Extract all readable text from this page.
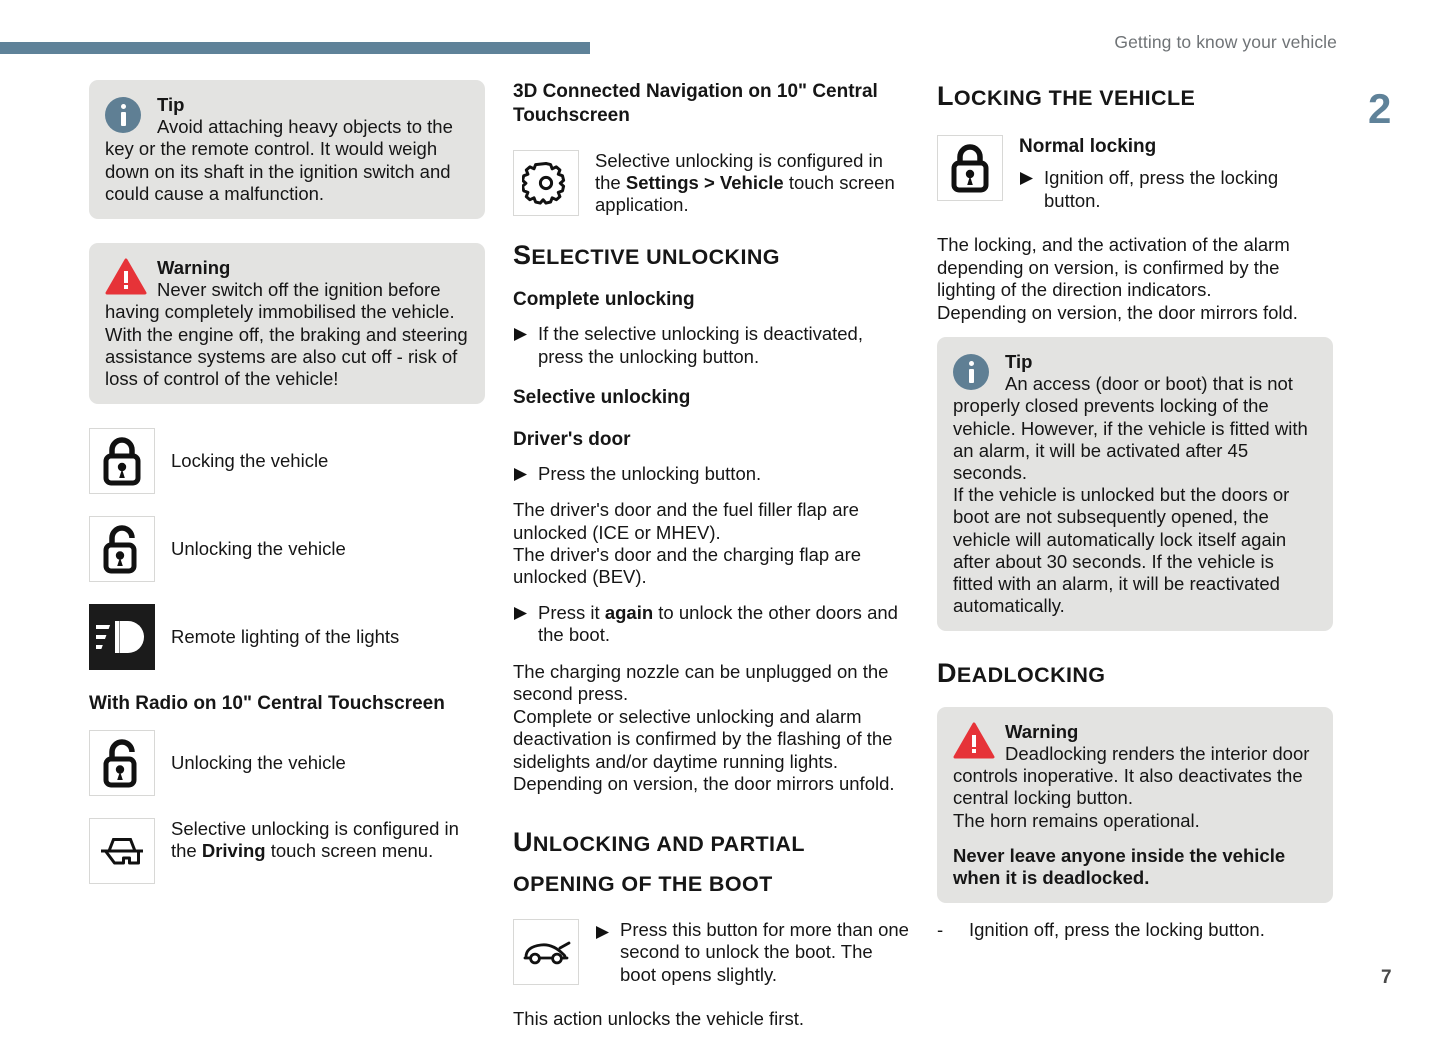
Getting to know your vehicle
2
7
Tip
Avoid attaching heavy objects to the key or the remote control. It would weigh down on its shaft in the ignition switch and could cause a malfunction.
Warning
Never switch off the ignition before having completely immobilised the vehicle. With the engine off, the braking and steering assistance systems are also cut off - risk of loss of control of the vehicle!
Locking the vehicle
Unlocking the vehicle
Remote lighting of the lights
With Radio on 10" Central Touchscreen
Unlocking the vehicle
Selective unlocking is configured in the Driving touch screen menu.
3D Connected Navigation on 10" Central Touchscreen
Selective unlocking is configured in the Settings > Vehicle touch screen application.
SELECTIVE UNLOCKING
Complete unlocking
If the selective unlocking is deactivated, press the unlocking button.
Selective unlocking
Driver's door
Press the unlocking button.

The driver's door and the fuel filler flap are unlocked (ICE or MHEV).

The driver's door and the charging flap are unlocked (BEV).

Press it again to unlock the other doors and the boot.

The charging nozzle can be unplugged on the second press.

Complete or selective unlocking and alarm deactivation is confirmed by the flashing of the sidelights and/or daytime running lights.

Depending on version, the door mirrors unfold.

UNLOCKING AND PARTIAL
OPENING OF THE BOOT
Press this button for more than one second to unlock the boot. The boot opens slightly.

This action unlocks the vehicle first.

LOCKING THE VEHICLE
Normal locking
Ignition off, press the locking button.

The locking, and the activation of the alarm depending on version, is confirmed by the lighting of the direction indicators.

Depending on version, the door mirrors fold.

Tip
An access (door or boot) that is not properly closed prevents locking of the vehicle. However, if the vehicle is fitted with an alarm, it will be activated after 45 seconds.
If the vehicle is unlocked but the doors or boot are not subsequently opened, the vehicle will automatically lock itself again after about 30 seconds. If the vehicle is fitted with an alarm, it will be reactivated automatically.
DEADLOCKING
Warning
Deadlocking renders the interior door controls inoperative. It also deactivates the central locking button.
The horn remains operational.
Never leave anyone inside the vehicle when it is deadlocked.
-	Ignition off, press the locking button.
